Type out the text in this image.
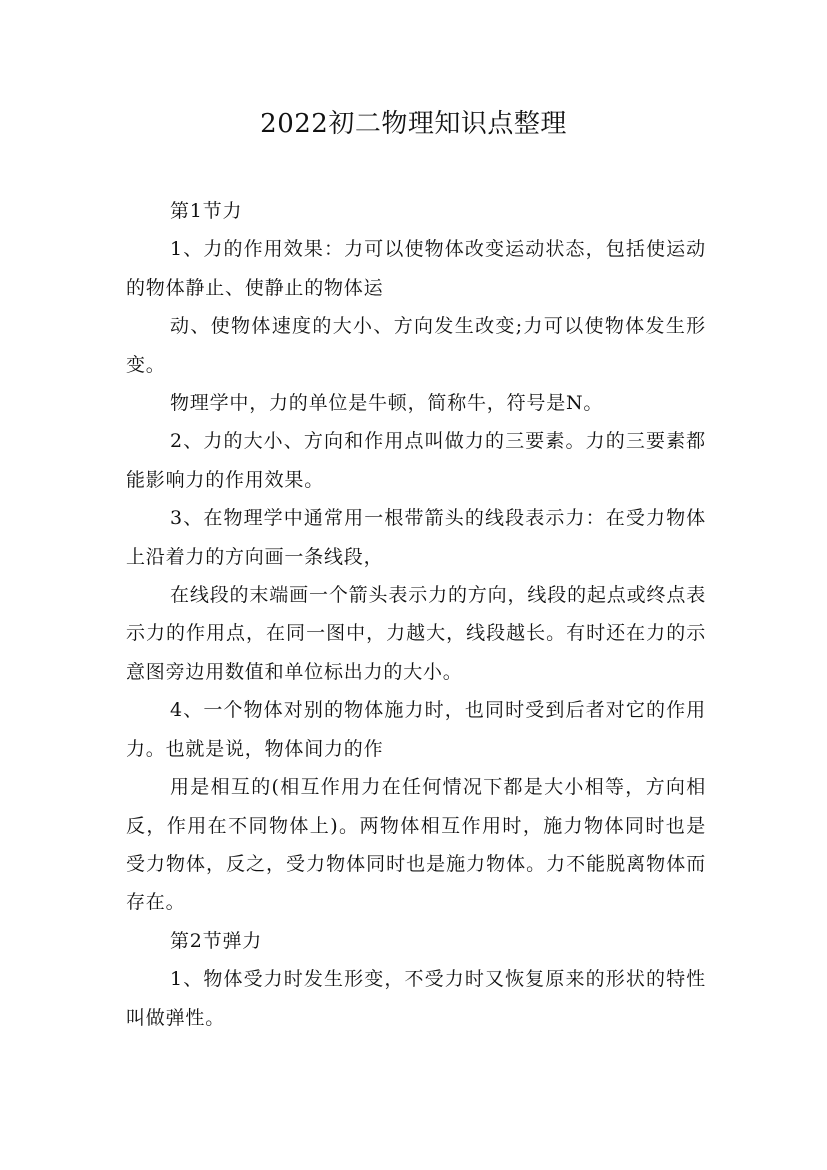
2022初二物理知识点整理

第1节力

1、力的作用效果：力可以使物体改变运动状态，包括使运动的物体静止、使静止的物体运

动、使物体速度的大小、方向发生改变;力可以使物体发生形变。

物理学中，力的单位是牛顿，简称牛，符号是N。

2、力的大小、方向和作用点叫做力的三要素。力的三要素都能影响力的作用效果。

3、在物理学中通常用一根带箭头的线段表示力：在受力物体上沿着力的方向画一条线段，

在线段的末端画一个箭头表示力的方向，线段的起点或终点表示力的作用点，在同一图中，力越大，线段越长。有时还在力的示意图旁边用数值和单位标出力的大小。

4、一个物体对别的物体施力时，也同时受到后者对它的作用力。也就是说，物体间力的作

用是相互的(相互作用力在任何情况下都是大小相等，方向相反，作用在不同物体上)。两物体相互作用时，施力物体同时也是受力物体，反之，受力物体同时也是施力物体。力不能脱离物体而存在。

第2节弹力

1、物体受力时发生形变，不受力时又恢复原来的形状的特性叫做弹性。
